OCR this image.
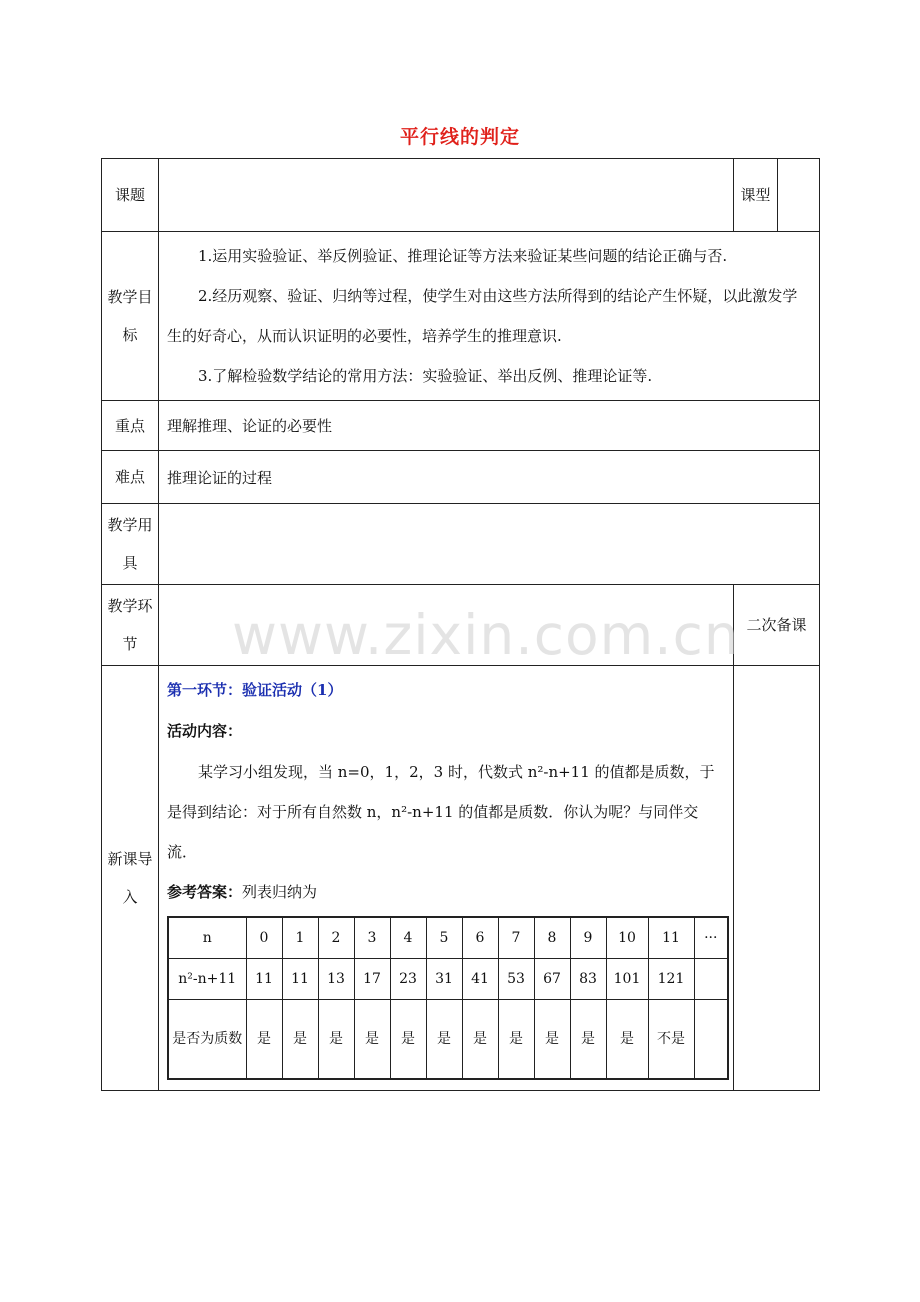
平行线的判定
课题		课型	
教学目标	

1.运用实验验证、举反例验证、推理论证等方法来验证某些问题的结论正确与否.

2.经历观察、验证、归纳等过程，使学生对由这些方法所得到的结论产生怀疑，以此激发学生的好奇心，从而认识证明的必要性，培养学生的推理意识.

3.了解检验数学结论的常用方法：实验验证、举出反例、推理论证等.

重点	理解推理、论证的必要性
难点	推理论证的过程
教学用具	
教学环节		二次备课
新课导入	
第一环节：验证活动（1）
活动内容：
某学习小组发现，当 n=0，1，2，3 时，代数式 n²-n+11 的值都是质数，于是得到结论：对于所有自然数 n，n²-n+11 的值都是质数．你认为呢？与同伴交流．
参考答案：列表归纳为
n	0	1	2	3	4	5	6	7	8	9	10	11	···
n²-n+11	11	11	13	17	23	31	41	53	67	83	101	121	
是否为质数	是	是	是	是	是	是	是	是	是	是	是	不是	

www.zixin.com.cn
